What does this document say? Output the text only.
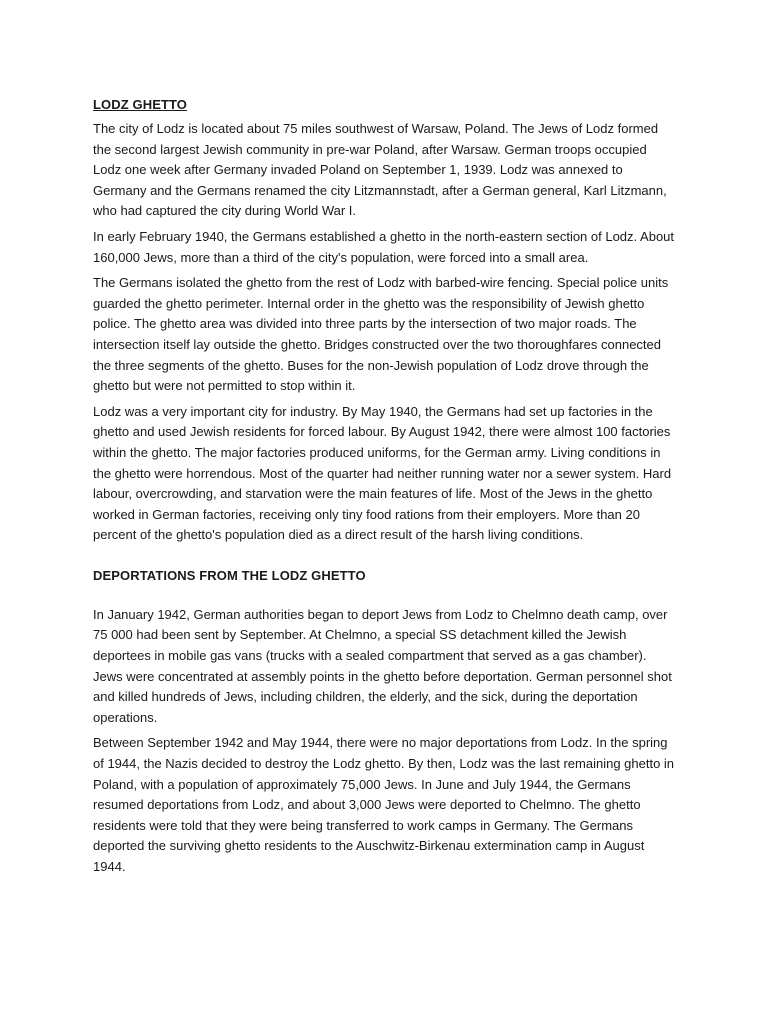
LODZ GHETTO

The city of Lodz is located about 75 miles southwest of Warsaw, Poland. The Jews of Lodz formed the second largest Jewish community in pre-war Poland, after Warsaw. German troops occupied Lodz one week after Germany invaded Poland on September 1, 1939. Lodz was annexed to Germany and the Germans renamed the city Litzmannstadt, after a German general, Karl Litzmann, who had captured the city during World War I.

In early February 1940, the Germans established a ghetto in the north-eastern section of Lodz. About 160,000 Jews, more than a third of the city's population, were forced into a small area.

The Germans isolated the ghetto from the rest of Lodz with barbed-wire fencing. Special police units guarded the ghetto perimeter. Internal order in the ghetto was the responsibility of Jewish ghetto police. The ghetto area was divided into three parts by the intersection of two major roads. The intersection itself lay outside the ghetto. Bridges constructed over the two thoroughfares connected the three segments of the ghetto. Buses for the non-Jewish population of Lodz drove through the ghetto but were not permitted to stop within it.

Lodz was a very important city for industry. By May 1940, the Germans had set up factories in the ghetto and used Jewish residents for forced labour. By August 1942, there were almost 100 factories within the ghetto. The major factories produced uniforms, for the German army. Living conditions in the ghetto were horrendous. Most of the quarter had neither running water nor a sewer system. Hard labour, overcrowding, and starvation were the main features of life. Most of the Jews in the ghetto worked in German factories, receiving only tiny food rations from their employers. More than 20 percent of the ghetto's population died as a direct result of the harsh living conditions.

DEPORTATIONS FROM THE LODZ GHETTO

In January 1942, German authorities began to deport Jews from Lodz to Chelmno death camp, over 75 000 had been sent by September. At Chelmno, a special SS detachment killed the Jewish deportees in mobile gas vans (trucks with a sealed compartment that served as a gas chamber). Jews were concentrated at assembly points in the ghetto before deportation. German personnel shot and killed hundreds of Jews, including children, the elderly, and the sick, during the deportation operations.

Between September 1942 and May 1944, there were no major deportations from Lodz. In the spring of 1944, the Nazis decided to destroy the Lodz ghetto. By then, Lodz was the last remaining ghetto in Poland, with a population of approximately 75,000 Jews. In June and July 1944, the Germans resumed deportations from Lodz, and about 3,000 Jews were deported to Chelmno. The ghetto residents were told that they were being transferred to work camps in Germany. The Germans deported the surviving ghetto residents to the Auschwitz-Birkenau extermination camp in August 1944.
